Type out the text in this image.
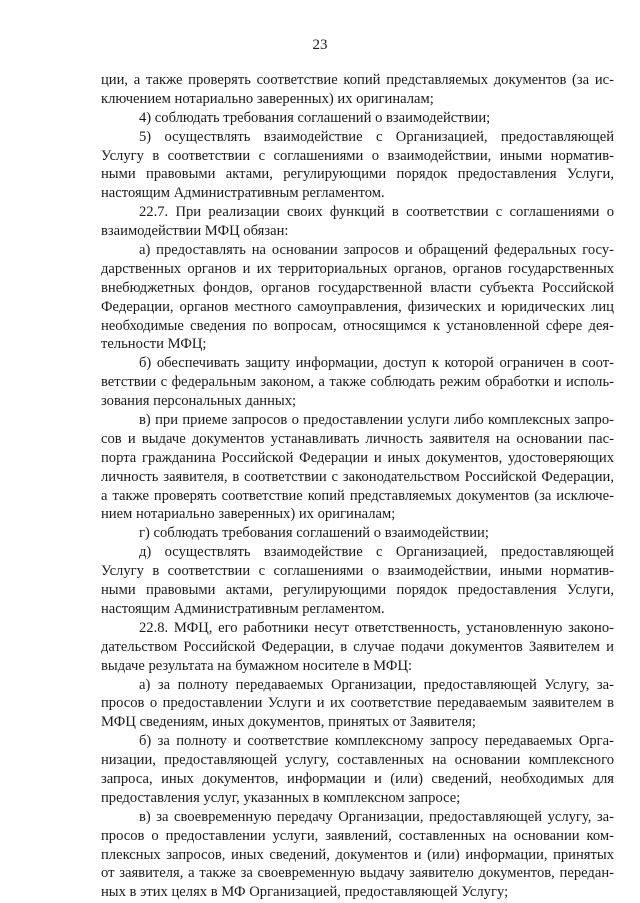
23
ции, а также проверять соответствие копий представляемых документов (за ис-
ключением нотариально заверенных) их оригиналам;
4) соблюдать требования соглашений о взаимодействии;
5) осуществлять взаимодействие с Организацией, предоставляющей
Услугу в соответствии с соглашениями о взаимодействии, иными норматив-
ными правовыми актами, регулирующими порядок предоставления Услуги,
настоящим Административным регламентом.
22.7. При реализации своих функций в соответствии с соглашениями о
взаимодействии МФЦ обязан:
а) предоставлять на основании запросов и обращений федеральных госу-
дарственных органов и их территориальных органов, органов государственных
внебюджетных фондов, органов государственной власти субъекта Российской
Федерации, органов местного самоуправления, физических и юридических лиц
необходимые сведения по вопросам, относящимся к установленной сфере дея-
тельности МФЦ;
б) обеспечивать защиту информации, доступ к которой ограничен в соот-
ветствии с федеральным законом, а также соблюдать режим обработки и исполь-
зования персональных данных;
в) при приеме запросов о предоставлении услуги либо комплексных запро-
сов и выдаче документов устанавливать личность заявителя на основании пас-
порта гражданина Российской Федерации и иных документов, удостоверяющих
личность заявителя, в соответствии с законодательством Российской Федерации,
а также проверять соответствие копий представляемых документов (за исключе-
нием нотариально заверенных) их оригиналам;
г) соблюдать требования соглашений о взаимодействии;
д) осуществлять взаимодействие с Организацией, предоставляющей
Услугу в соответствии с соглашениями о взаимодействии, иными норматив-
ными правовыми актами, регулирующими порядок предоставления Услуги,
настоящим Административным регламентом.
22.8. МФЦ, его работники несут ответственность, установленную законо-
дательством Российской Федерации, в случае подачи документов Заявителем и
выдаче результата на бумажном носителе в МФЦ:
а) за полноту передаваемых Организации, предоставляющей Услугу, за-
просов о предоставлении Услуги и их соответствие передаваемым заявителем в
МФЦ сведениям, иных документов, принятых от Заявителя;
б) за полноту и соответствие комплексному запросу передаваемых Орга-
низации, предоставляющей услугу, составленных на основании комплексного
запроса, иных документов, информации и (или) сведений, необходимых для
предоставления услуг, указанных в комплексном запросе;
в) за своевременную передачу Организации, предоставляющей услугу, за-
просов о предоставлении услуги, заявлений, составленных на основании ком-
плексных запросов, иных сведений, документов и (или) информации, принятых
от заявителя, а также за своевременную выдачу заявителю документов, передан-
ных в этих целях в МФ Организацией, предоставляющей Услугу;
